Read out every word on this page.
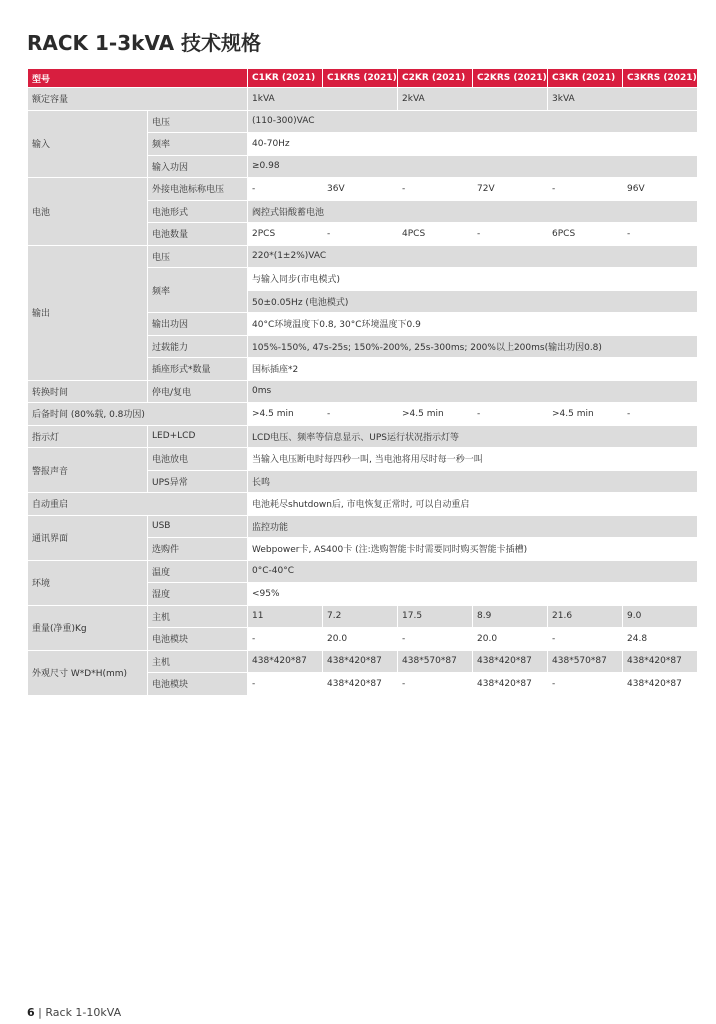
RACK 1-3kVA 技术规格
型号		C1KR (2021)	C1KRS (2021)	C2KR (2021)	C2KRS (2021)	C3KR (2021)	C3KRS (2021)
额定容量		1kVA		2kVA		3kVA	
输入	电压	(110-300)VAC					
	频率	40-70Hz					
	输入功因	≥0.98					
电池	外接电池标称电压	-	36V	-	72V	-	96V
	电池形式	阀控式铅酸蓄电池					
	电池数量	2PCS	-	4PCS	-	6PCS	-
输出	电压	220*(1±2%)VAC					
	频率	与输入同步(市电模式)					
		50±0.05Hz (电池模式)					
	输出功因	40°C环境温度下0.8, 30°C环境温度下0.9					
	过载能力	105%-150%, 47s-25s; 150%-200%, 25s-300ms; 200%以上200ms(输出功因0.8)					
	插座形式*数量	国标插座*2					
转换时间	停电/复电	0ms					
后备时间 (80%载, 0.8功因)		>4.5 min	-	>4.5 min	-	>4.5 min	-
指示灯	LED+LCD	LCD电压、频率等信息显示、UPS运行状况指示灯等					
警报声音	电池放电	当输入电压断电时每四秒一叫, 当电池将用尽时每一秒一叫					
	UPS异常	长鸣					
自动重启		电池耗尽shutdown后, 市电恢复正常时, 可以自动重启					
通讯界面	USB	监控功能					
	选购件	Webpower卡, AS400卡 (注:选购智能卡时需要同时购买智能卡插槽)					
环境	温度	0°C-40°C					
	湿度	<95%					
重量(净重)Kg	主机	11	7.2	17.5	8.9	21.6	9.0
	电池模块	-	20.0	-	20.0	-	24.8
外观尺寸 W*D*H(mm)	主机	438*420*87	438*420*87	438*570*87	438*420*87	438*570*87	438*420*87
	电池模块	-	438*420*87	-	438*420*87	-	438*420*87
6 | Rack 1-10kVA
